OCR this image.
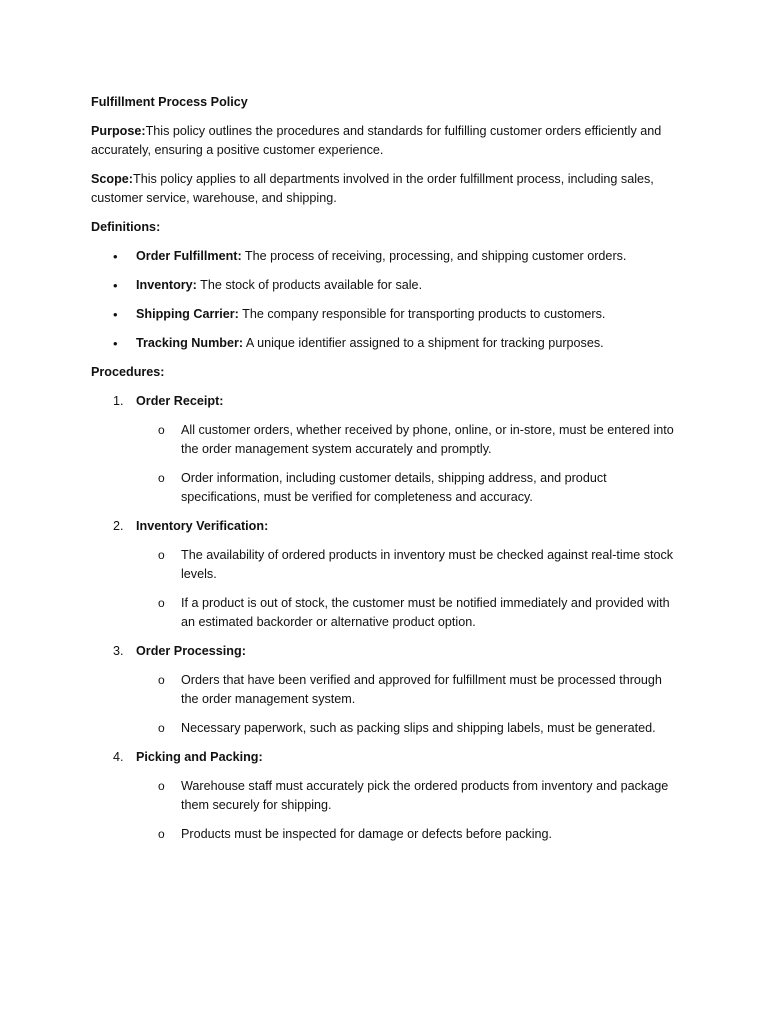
Fulfillment Process Policy

Purpose:This policy outlines the procedures and standards for fulfilling customer orders efficiently and accurately, ensuring a positive customer experience.

Scope:This policy applies to all departments involved in the order fulfillment process, including sales, customer service, warehouse, and shipping.

Definitions:

• Order Fulfillment: The process of receiving, processing, and shipping customer orders.
• Inventory: The stock of products available for sale.
• Shipping Carrier: The company responsible for transporting products to customers.
• Tracking Number: A unique identifier assigned to a shipment for tracking purposes.

Procedures:

1. Order Receipt:
o All customer orders, whether received by phone, online, or in-store, must be entered into the order management system accurately and promptly.
o Order information, including customer details, shipping address, and product specifications, must be verified for completeness and accuracy.
2. Inventory Verification:
o The availability of ordered products in inventory must be checked against real-time stock levels.
o If a product is out of stock, the customer must be notified immediately and provided with an estimated backorder or alternative product option.
3. Order Processing:
o Orders that have been verified and approved for fulfillment must be processed through the order management system.
o Necessary paperwork, such as packing slips and shipping labels, must be generated.
4. Picking and Packing:
o Warehouse staff must accurately pick the ordered products from inventory and package them securely for shipping.
o Products must be inspected for damage or defects before packing.
